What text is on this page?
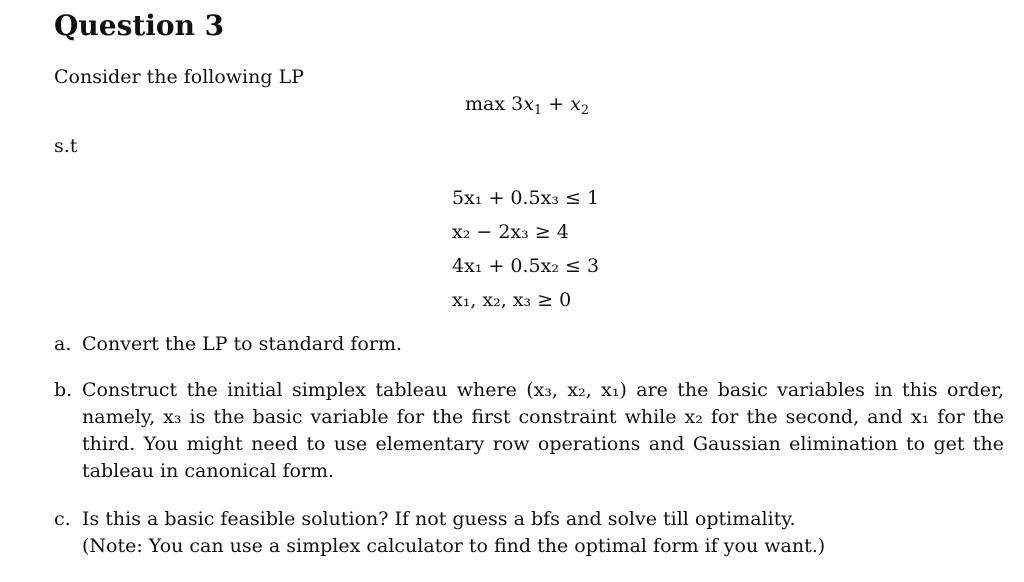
Question 3
Consider the following LP
$\max 3x_1 + x_2$
s.t
5x₁ + 0.5x₃ ≤ 1
x₂ − 2x₃ ≥ 4
4x₁ + 0.5x₂ ≤ 3
x₁, x₂, x₃ ≥ 0
a. Convert the LP to standard form.
b. Construct the initial simplex tableau where (x₃, x₂, x₁) are the basic variables in this order, namely, x₃ is the basic variable for the first constraint while x₂ for the second, and x₁ for the third. You might need to use elementary row operations and Gaussian elimination to get the tableau in canonical form.
c. Is this a basic feasible solution? If not guess a bfs and solve till optimality.
(Note: You can use a simplex calculator to find the optimal form if you want.)
